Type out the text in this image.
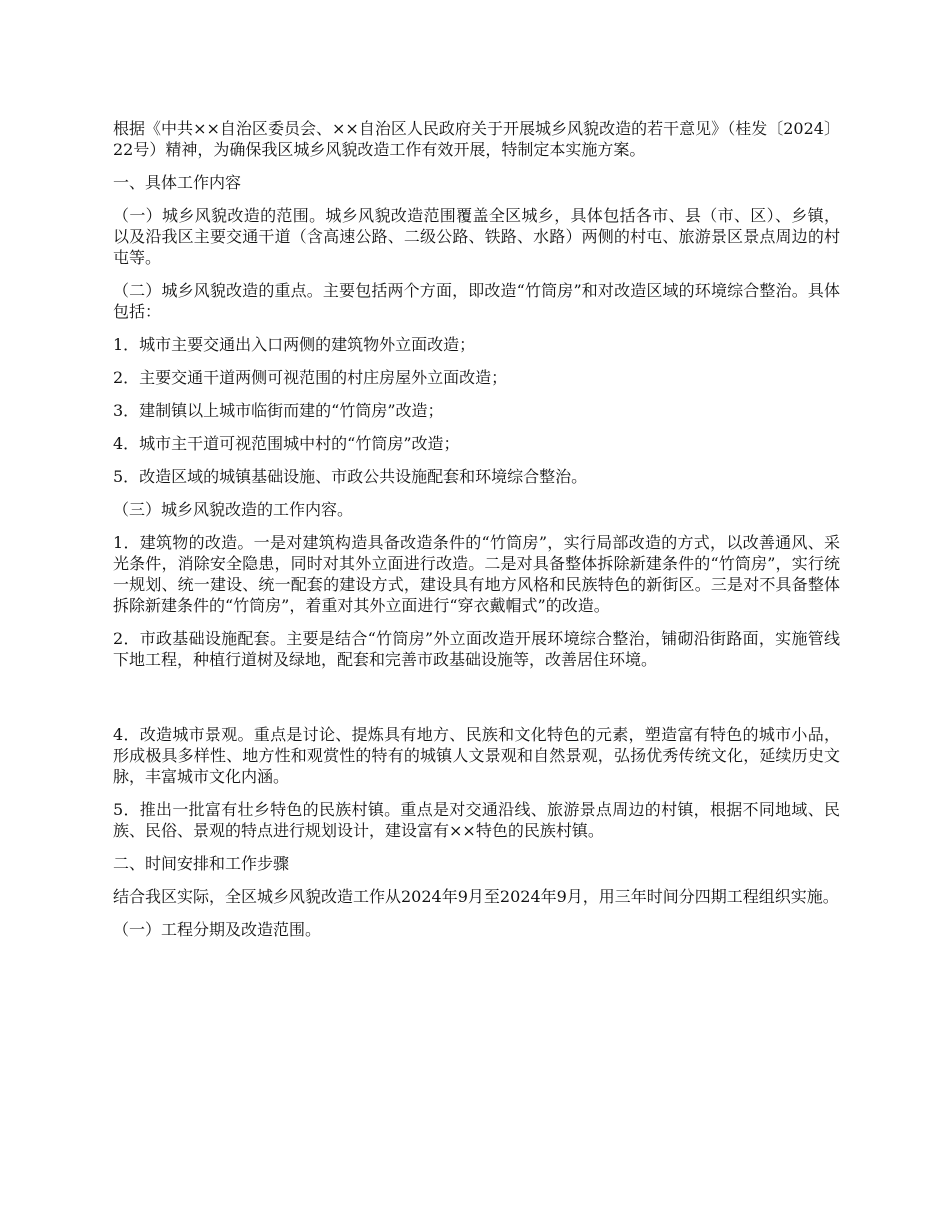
根据《中共××自治区委员会、××自治区人民政府关于开展城乡风貌改造的若干意见》（桂发〔2024〕22号）精神，为确保我区城乡风貌改造工作有效开展，特制定本实施方案。

一、具体工作内容

（一）城乡风貌改造的范围。城乡风貌改造范围覆盖全区城乡，具体包括各市、县（市、区）、乡镇，以及沿我区主要交通干道（含高速公路、二级公路、铁路、水路）两侧的村屯、旅游景区景点周边的村屯等。

（二）城乡风貌改造的重点。主要包括两个方面，即改造“竹筒房”和对改造区域的环境综合整治。具体包括：

1．城市主要交通出入口两侧的建筑物外立面改造；

2．主要交通干道两侧可视范围的村庄房屋外立面改造；

3．建制镇以上城市临街而建的“竹筒房”改造；

4．城市主干道可视范围城中村的“竹筒房”改造；

5．改造区域的城镇基础设施、市政公共设施配套和环境综合整治。

（三）城乡风貌改造的工作内容。

1．建筑物的改造。一是对建筑构造具备改造条件的“竹筒房”，实行局部改造的方式，以改善通风、采光条件，消除安全隐患，同时对其外立面进行改造。二是对具备整体拆除新建条件的“竹筒房”，实行统一规划、统一建设、统一配套的建设方式，建设具有地方风格和民族特色的新街区。三是对不具备整体拆除新建条件的“竹筒房”，着重对其外立面进行“穿衣戴帽式”的改造。

2．市政基础设施配套。主要是结合“竹筒房”外立面改造开展环境综合整治，铺砌沿街路面，实施管线下地工程，种植行道树及绿地，配套和完善市政基础设施等，改善居住环境。

4．改造城市景观。重点是讨论、提炼具有地方、民族和文化特色的元素，塑造富有特色的城市小品，形成极具多样性、地方性和观赏性的特有的城镇人文景观和自然景观，弘扬优秀传统文化，延续历史文脉，丰富城市文化内涵。

5．推出一批富有壮乡特色的民族村镇。重点是对交通沿线、旅游景点周边的村镇，根据不同地域、民族、民俗、景观的特点进行规划设计，建设富有××特色的民族村镇。

二、时间安排和工作步骤

结合我区实际，全区城乡风貌改造工作从2024年9月至2024年9月，用三年时间分四期工程组织实施。

（一）工程分期及改造范围。
